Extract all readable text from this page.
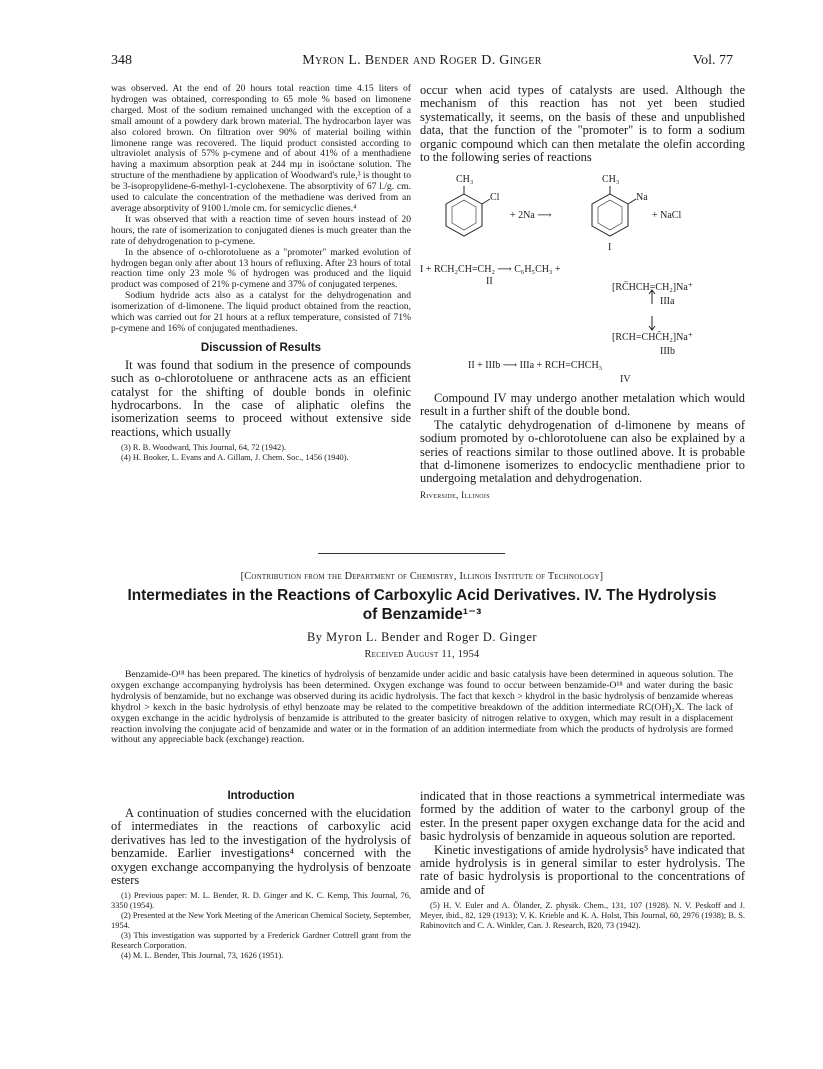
348	Myron L. Bender and Roger D. Ginger	Vol. 77

was observed. At the end of 20 hours total reaction time 4.15 liters of hydrogen was obtained, corresponding to 65 mole % based on limonene charged. Most of the sodium remained unchanged with the exception of a small amount of a powdery dark brown material. The hydrocarbon layer was also colored brown. On filtration over 90% of material boiling within limonene range was recovered. The liquid product consisted according to ultraviolet analysis of 57% p-cymene and of about 41% of a menthadiene having a maximum absorption peak at 244 mμ in isoöctane solution. The structure of the menthadiene by application of Woodward's rule,³ is thought to be 3-isopropylidene-6-methyl-1-cyclohexene. The absorptivity of 67 l./g. cm. used to calculate the concentration of the methadiene was derived from an average absorptivity of 9100 l./mole cm. for semicyclic dienes.⁴

It was observed that with a reaction time of seven hours instead of 20 hours, the rate of isomerization to conjugated dienes is much greater than the rate of dehydrogenation to p-cymene.

In the absence of o-chlorotoluene as a "promoter" marked evolution of hydrogen began only after about 13 hours of refluxing. After 23 hours of total reaction time only 23 mole % of hydrogen was produced and the liquid product was composed of 21% p-cymene and 37% of conjugated terpenes.

Sodium hydride acts also as a catalyst for the dehydrogenation and isomerization of d-limonene. The liquid product obtained from the reaction, which was carried out for 21 hours at a reflux temperature, consisted of 71% p-cymene and 16% of conjugated menthadienes.

Discussion of Results

It was found that sodium in the presence of compounds such as o-chlorotoluene or anthracene acts as an efficient catalyst for the shifting of double bonds in olefinic hydrocarbons. In the case of aliphatic olefins the isomerization seems to proceed without extensive side reactions, which usually

(3) R. B. Woodward, This Journal, 64, 72 (1942).

(4) H. Booker, L. Evans and A. Gillam, J. Chem. Soc., 1456 (1940).

occur when acid types of catalysts are used. Although the mechanism of this reaction has not yet been studied systematically, it seems, on the basis of these and unpublished data, that the function of the "promoter" is to form a sodium organic compound which can then metalate the olefin according to the following series of reactions

CH₃	CH₃
Cl	Na
+ 2Na ⟶	+ NaCl
I
I + RCH₂CH=CH₂ ⟶ C₆H₅CH₃ +
II
[RC̄HCH=CH₂]Na⁺
IIIa
[RCH=CHC̄H₂]Na⁺
IIIb
II + IIIb ⟶ IIIa + RCH=CHCH₃
IV

Compound IV may undergo another metalation which would result in a further shift of the double bond.

The catalytic dehydrogenation of d-limonene by means of sodium promoted by o-chlorotoluene can also be explained by a series of reactions similar to those outlined above. It is probable that d-limonene isomerizes to endocyclic menthadiene prior to undergoing metalation and dehydrogenation.

Riverside, Illinois
[Contribution from the Department of Chemistry, Illinois Institute of Technology]
Intermediates in the Reactions of Carboxylic Acid Derivatives. IV. The Hydrolysis
of Benzamide¹⁻³
By Myron L. Bender and Roger D. Ginger
Received August 11, 1954
Benzamide-O¹⁸ has been prepared. The kinetics of hydrolysis of benzamide under acidic and basic catalysis have been determined in aqueous solution. The oxygen exchange accompanying hydrolysis has been determined. Oxygen exchange was found to occur between benzamide-O¹⁸ and water during the basic hydrolysis of benzamide, but no exchange was observed during its acidic hydrolysis. The fact that kexch > khydrol in the basic hydrolysis of benzamide whereas khydrol > kexch in the basic hydrolysis of ethyl benzoate may be related to the competitive breakdown of the addition intermediate RC(OH)₂X. The lack of oxygen exchange in the acidic hydrolysis of benzamide is attributed to the greater basicity of nitrogen relative to oxygen, which may result in a displacement reaction involving the conjugate acid of benzamide and water or in the formation of an addition intermediate from which the products of hydrolysis are formed without any appreciable back (exchange) reaction.
Introduction

A continuation of studies concerned with the elucidation of intermediates in the reactions of carboxylic acid derivatives has led to the investigation of the hydrolysis of benzamide. Earlier investigations⁴ concerned with the oxygen exchange accompanying the hydrolysis of benzoate esters

(1) Previous paper: M. L. Bender, R. D. Ginger and K. C. Kemp, This Journal, 76, 3350 (1954).

(2) Presented at the New York Meeting of the American Chemical Society, September, 1954.

(3) This investigation was supported by a Frederick Gardner Cottrell grant from the Research Corporation.

(4) M. L. Bender, This Journal, 73, 1626 (1951).

indicated that in those reactions a symmetrical intermediate was formed by the addition of water to the carbonyl group of the ester. In the present paper oxygen exchange data for the acid and basic hydrolysis of benzamide in aqueous solution are reported.

Kinetic investigations of amide hydrolysis⁵ have indicated that amide hydrolysis is in general similar to ester hydrolysis. The rate of basic hydrolysis is proportional to the concentrations of amide and of

(5) H. V. Euler and A. Ölander, Z. physik. Chem., 131, 107 (1928). N. V. Peskoff and J. Meyer, ibid., 82, 129 (1913); V. K. Krieble and K. A. Holst, This Journal, 60, 2976 (1938); B. S. Rabinovitch and C. A. Winkler, Can. J. Research, B20, 73 (1942).
